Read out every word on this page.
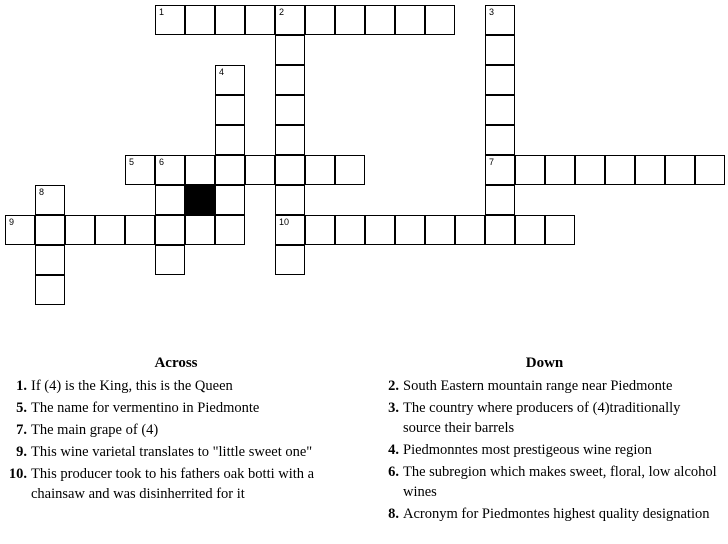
1	2	3
4
5	6	7
8
9	10
Across
1. If (4) is the King, this is the Queen
5. The name for vermentino in Piedmonte
7. The main grape of (4)
9. This wine varietal translates to "little sweet one"
10. This producer took to his fathers oak botti with a chainsaw and was disinherrited for it
Down
2. South Eastern mountain range near Piedmonte
3. The country where producers of (4)traditionally source their barrels
4. Piedmonntes most prestigeous wine region
6. The subregion which makes sweet, floral, low alcohol wines
8. Acronym for Piedmontes highest quality designation
